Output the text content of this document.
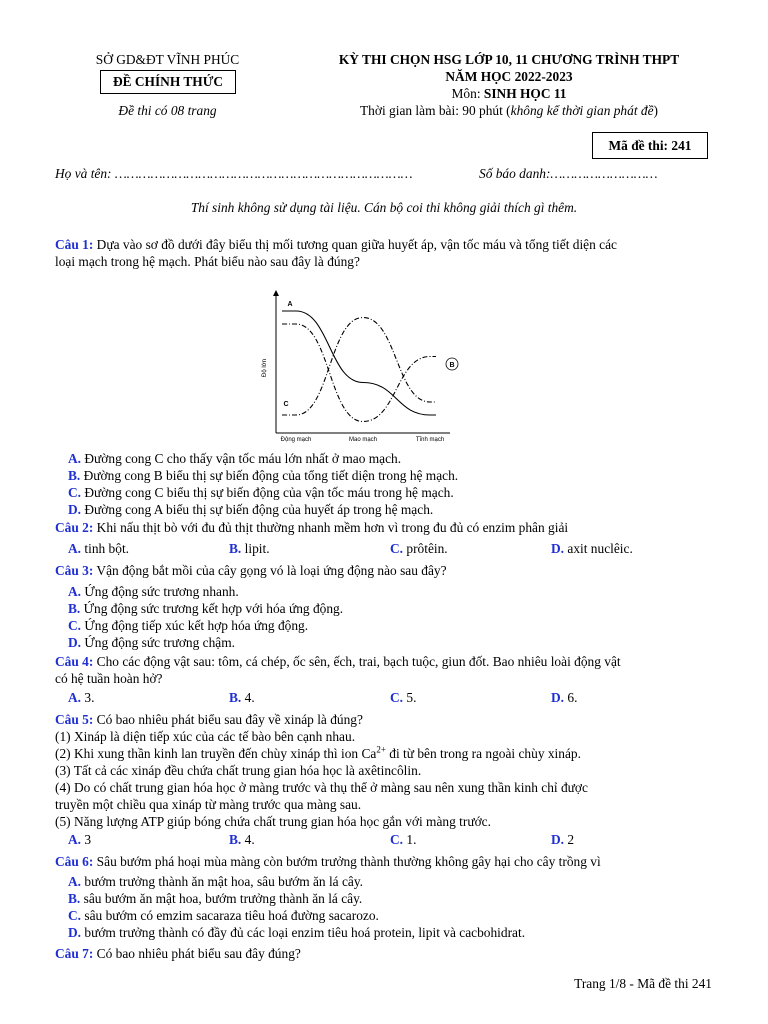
SỞ GD&ĐT VĨNH PHÚC
ĐỀ CHÍNH THỨC
Đề thi có 08 trang
KỲ THI CHỌN HSG LỚP 10, 11 CHƯƠNG TRÌNH THPT
NĂM HỌC 2022-2023
Môn: SINH HỌC 11
Thời gian làm bài: 90 phút (không kể thời gian phát đề)
Mã đề thi: 241
Họ và tên: …………………………………………………………………	Số báo danh:………………………
Thí sinh không sử dụng tài liệu. Cán bộ coi thi không giải thích gì thêm.
Câu 1: Dựa vào sơ đồ dưới đây biểu thị mối tương quan giữa huyết áp, vận tốc máu và tổng tiết diện các
loại mạch trong hệ mạch. Phát biểu nào sau đây là đúng?
Độ lớn
Động mạch	Mao mạch	Tĩnh mạch
A
B
C
A. Đường cong C cho thấy vận tốc máu lớn nhất ở mao mạch.
B. Đường cong B biểu thị sự biến động của tổng tiết diện trong hệ mạch.
C. Đường cong C biểu thị sự biến động của vận tốc máu trong hệ mạch.
D. Đường cong A biểu thị sự biến động của huyết áp trong hệ mạch.
Câu 2: Khi nấu thịt bò với đu đủ thịt thường nhanh mềm hơn vì trong đu đủ có enzim phân giải
A. tinh bột.	B. lipit.	C. prôtêin.	D. axit nuclêic.
Câu 3: Vận động bắt mồi của cây gọng vó là loại ứng động nào sau đây?
A. Ứng động sức trương nhanh.
B. Ứng động sức trương kết hợp với hóa ứng động.
C. Ứng động tiếp xúc kết hợp hóa ứng động.
D. Ứng động sức trương chậm.
Câu 4: Cho các động vật sau: tôm, cá chép, ốc sên, ếch, trai, bạch tuộc, giun đốt. Bao nhiêu loài động vật
có hệ tuần hoàn hở?
A. 3.	B. 4.	C. 5.	D. 6.
Câu 5: Có bao nhiêu phát biểu sau đây về xináp là đúng?
(1) Xináp là diện tiếp xúc của các tế bào bên cạnh nhau.
(2) Khi xung thần kinh lan truyền đến chùy xináp thì ion $Ca^{2+}$ đi từ bên trong ra ngoài chùy xináp.
(3) Tất cả các xináp đều chứa chất trung gian hóa học là axêtincôlin.
(4) Do có chất trung gian hóa học ở màng trước và thụ thể ở màng sau nên xung thần kinh chỉ được
truyền một chiều qua xináp từ màng trước qua màng sau.
(5) Năng lượng ATP giúp bóng chứa chất trung gian hóa học gắn với màng trước.
A. 3	B. 4.	C. 1.	D. 2
Câu 6: Sâu bướm phá hoại mùa màng còn bướm trưởng thành thường không gây hại cho cây trồng vì
A. bướm trưởng thành ăn mật hoa, sâu bướm ăn lá cây.
B. sâu bướm ăn mật hoa, bướm trưởng thành ăn lá cây.
C. sâu bướm có emzim sacaraza tiêu hoá đường sacarozo.
D. bướm trưởng thành có đầy đủ các loại enzim tiêu hoá protein, lipit và cacbohidrat.
Câu 7: Có bao nhiêu phát biểu sau đây đúng?
Trang 1/8 - Mã đề thi 241
